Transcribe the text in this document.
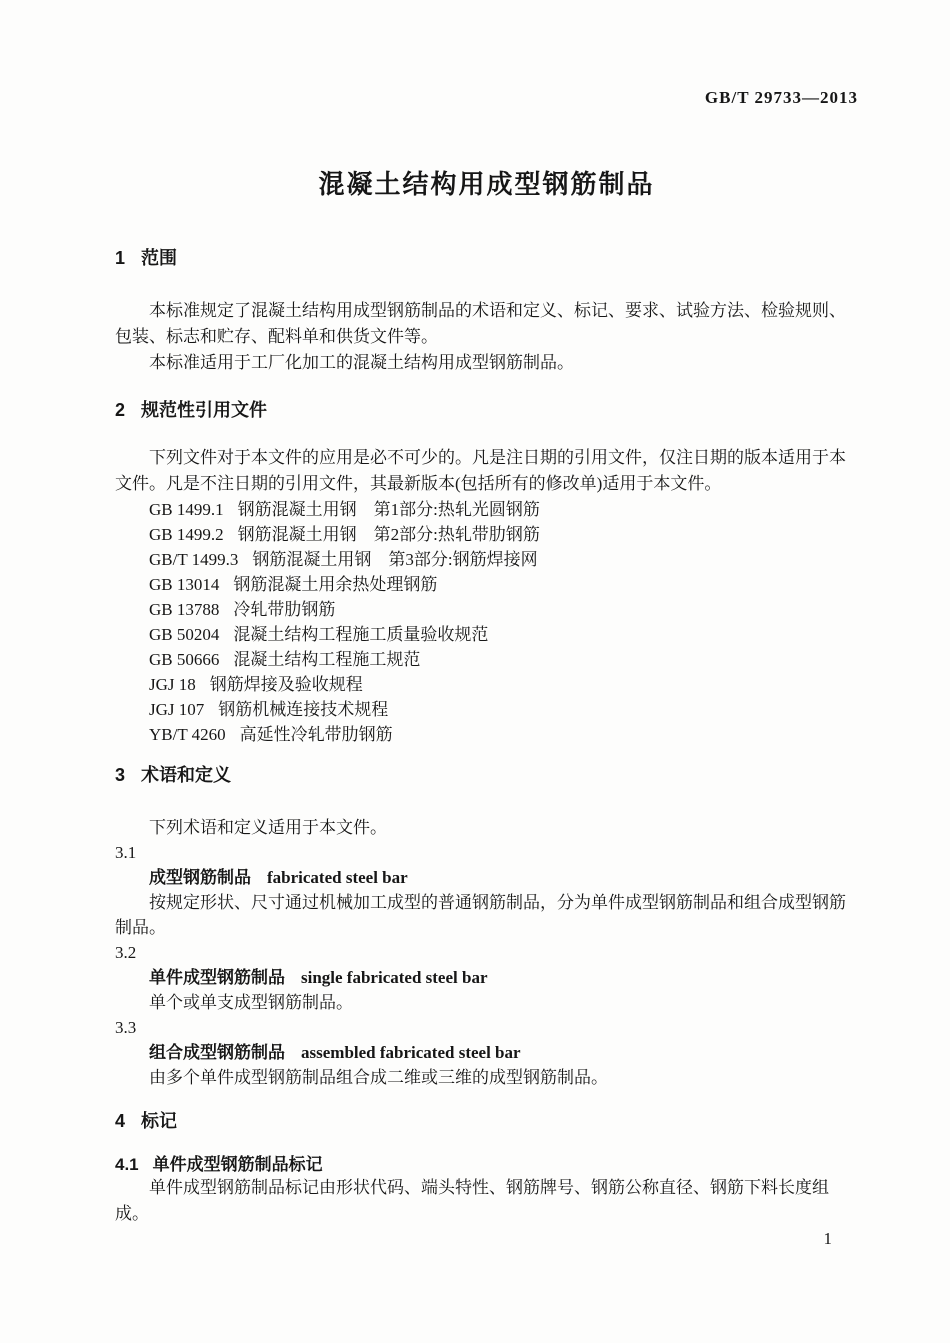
GB/T 29733—2013
混凝土结构用成型钢筋制品
1 范围

本标准规定了混凝土结构用成型钢筋制品的术语和定义、标记、要求、试验方法、检验规则、包装、标志和贮存、配料单和供货文件等。

本标准适用于工厂化加工的混凝土结构用成型钢筋制品。

2 规范性引用文件

下列文件对于本文件的应用是必不可少的。凡是注日期的引用文件，仅注日期的版本适用于本文件。凡是不注日期的引用文件，其最新版本(包括所有的修改单)适用于本文件。

GB 1499.1 钢筋混凝土用钢　第1部分:热轧光圆钢筋
GB 1499.2 钢筋混凝土用钢　第2部分:热轧带肋钢筋
GB/T 1499.3 钢筋混凝土用钢　第3部分:钢筋焊接网
GB 13014 钢筋混凝土用余热处理钢筋
GB 13788 冷轧带肋钢筋
GB 50204 混凝土结构工程施工质量验收规范
GB 50666 混凝土结构工程施工规范
JGJ 18 钢筋焊接及验收规程
JGJ 107 钢筋机械连接技术规程
YB/T 4260 高延性冷轧带肋钢筋
3 术语和定义
下列术语和定义适用于本文件。
3.1
成型钢筋制品 fabricated steel bar
按规定形状、尺寸通过机械加工成型的普通钢筋制品，分为单件成型钢筋制品和组合成型钢筋制品。
3.2
单件成型钢筋制品 single fabricated steel bar
单个或单支成型钢筋制品。
3.3
组合成型钢筋制品 assembled fabricated steel bar
由多个单件成型钢筋制品组合成二维或三维的成型钢筋制品。
4 标记
4.1 单件成型钢筋制品标记

单件成型钢筋制品标记由形状代码、端头特性、钢筋牌号、钢筋公称直径、钢筋下料长度组成。

1
